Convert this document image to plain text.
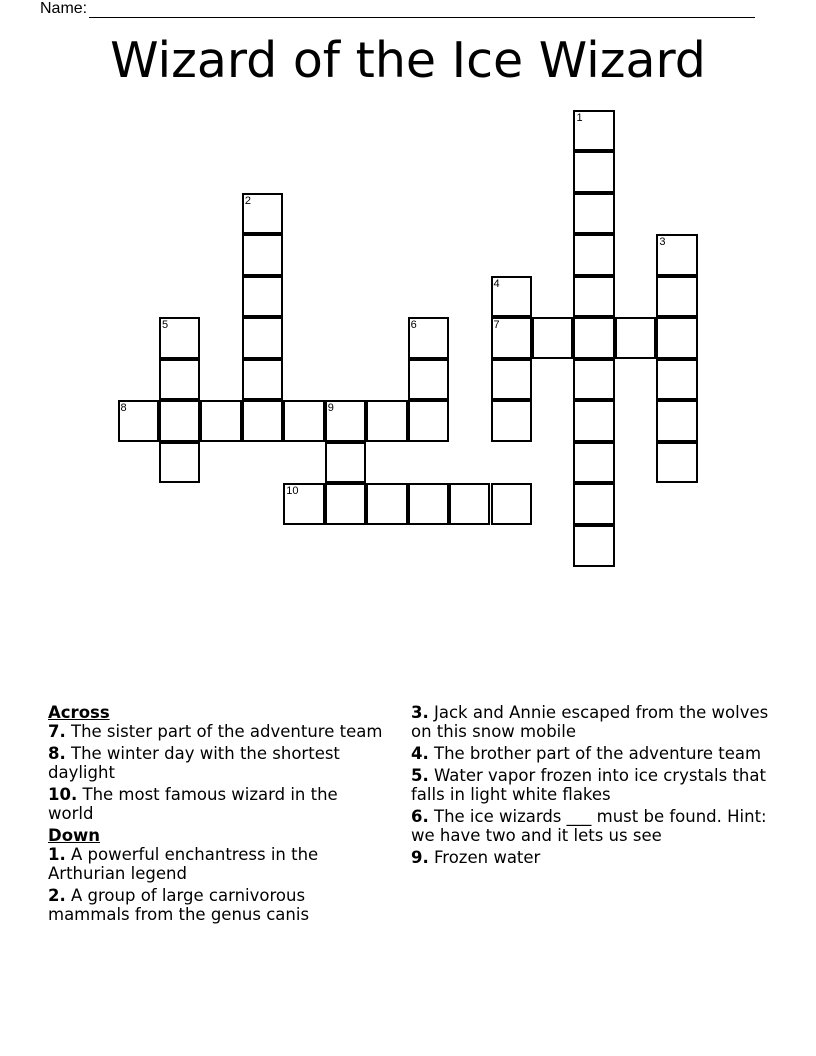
Name:
Wizard of the Ice Wizard
1
2
3
4
7
5	6
8	9
10
Across
7. The sister part of the adventure team
8. The winter day with the shortest daylight
10. The most famous wizard in the world
Down
1. A powerful enchantress in the Arthurian legend
2. A group of large carnivorous mammals from the genus canis
3. Jack and Annie escaped from the wolves on this snow mobile
4. The brother part of the adventure team
5. Water vapor frozen into ice crystals that falls in light white flakes
6. The ice wizards ___ must be found. Hint: we have two and it lets us see
9. Frozen water
